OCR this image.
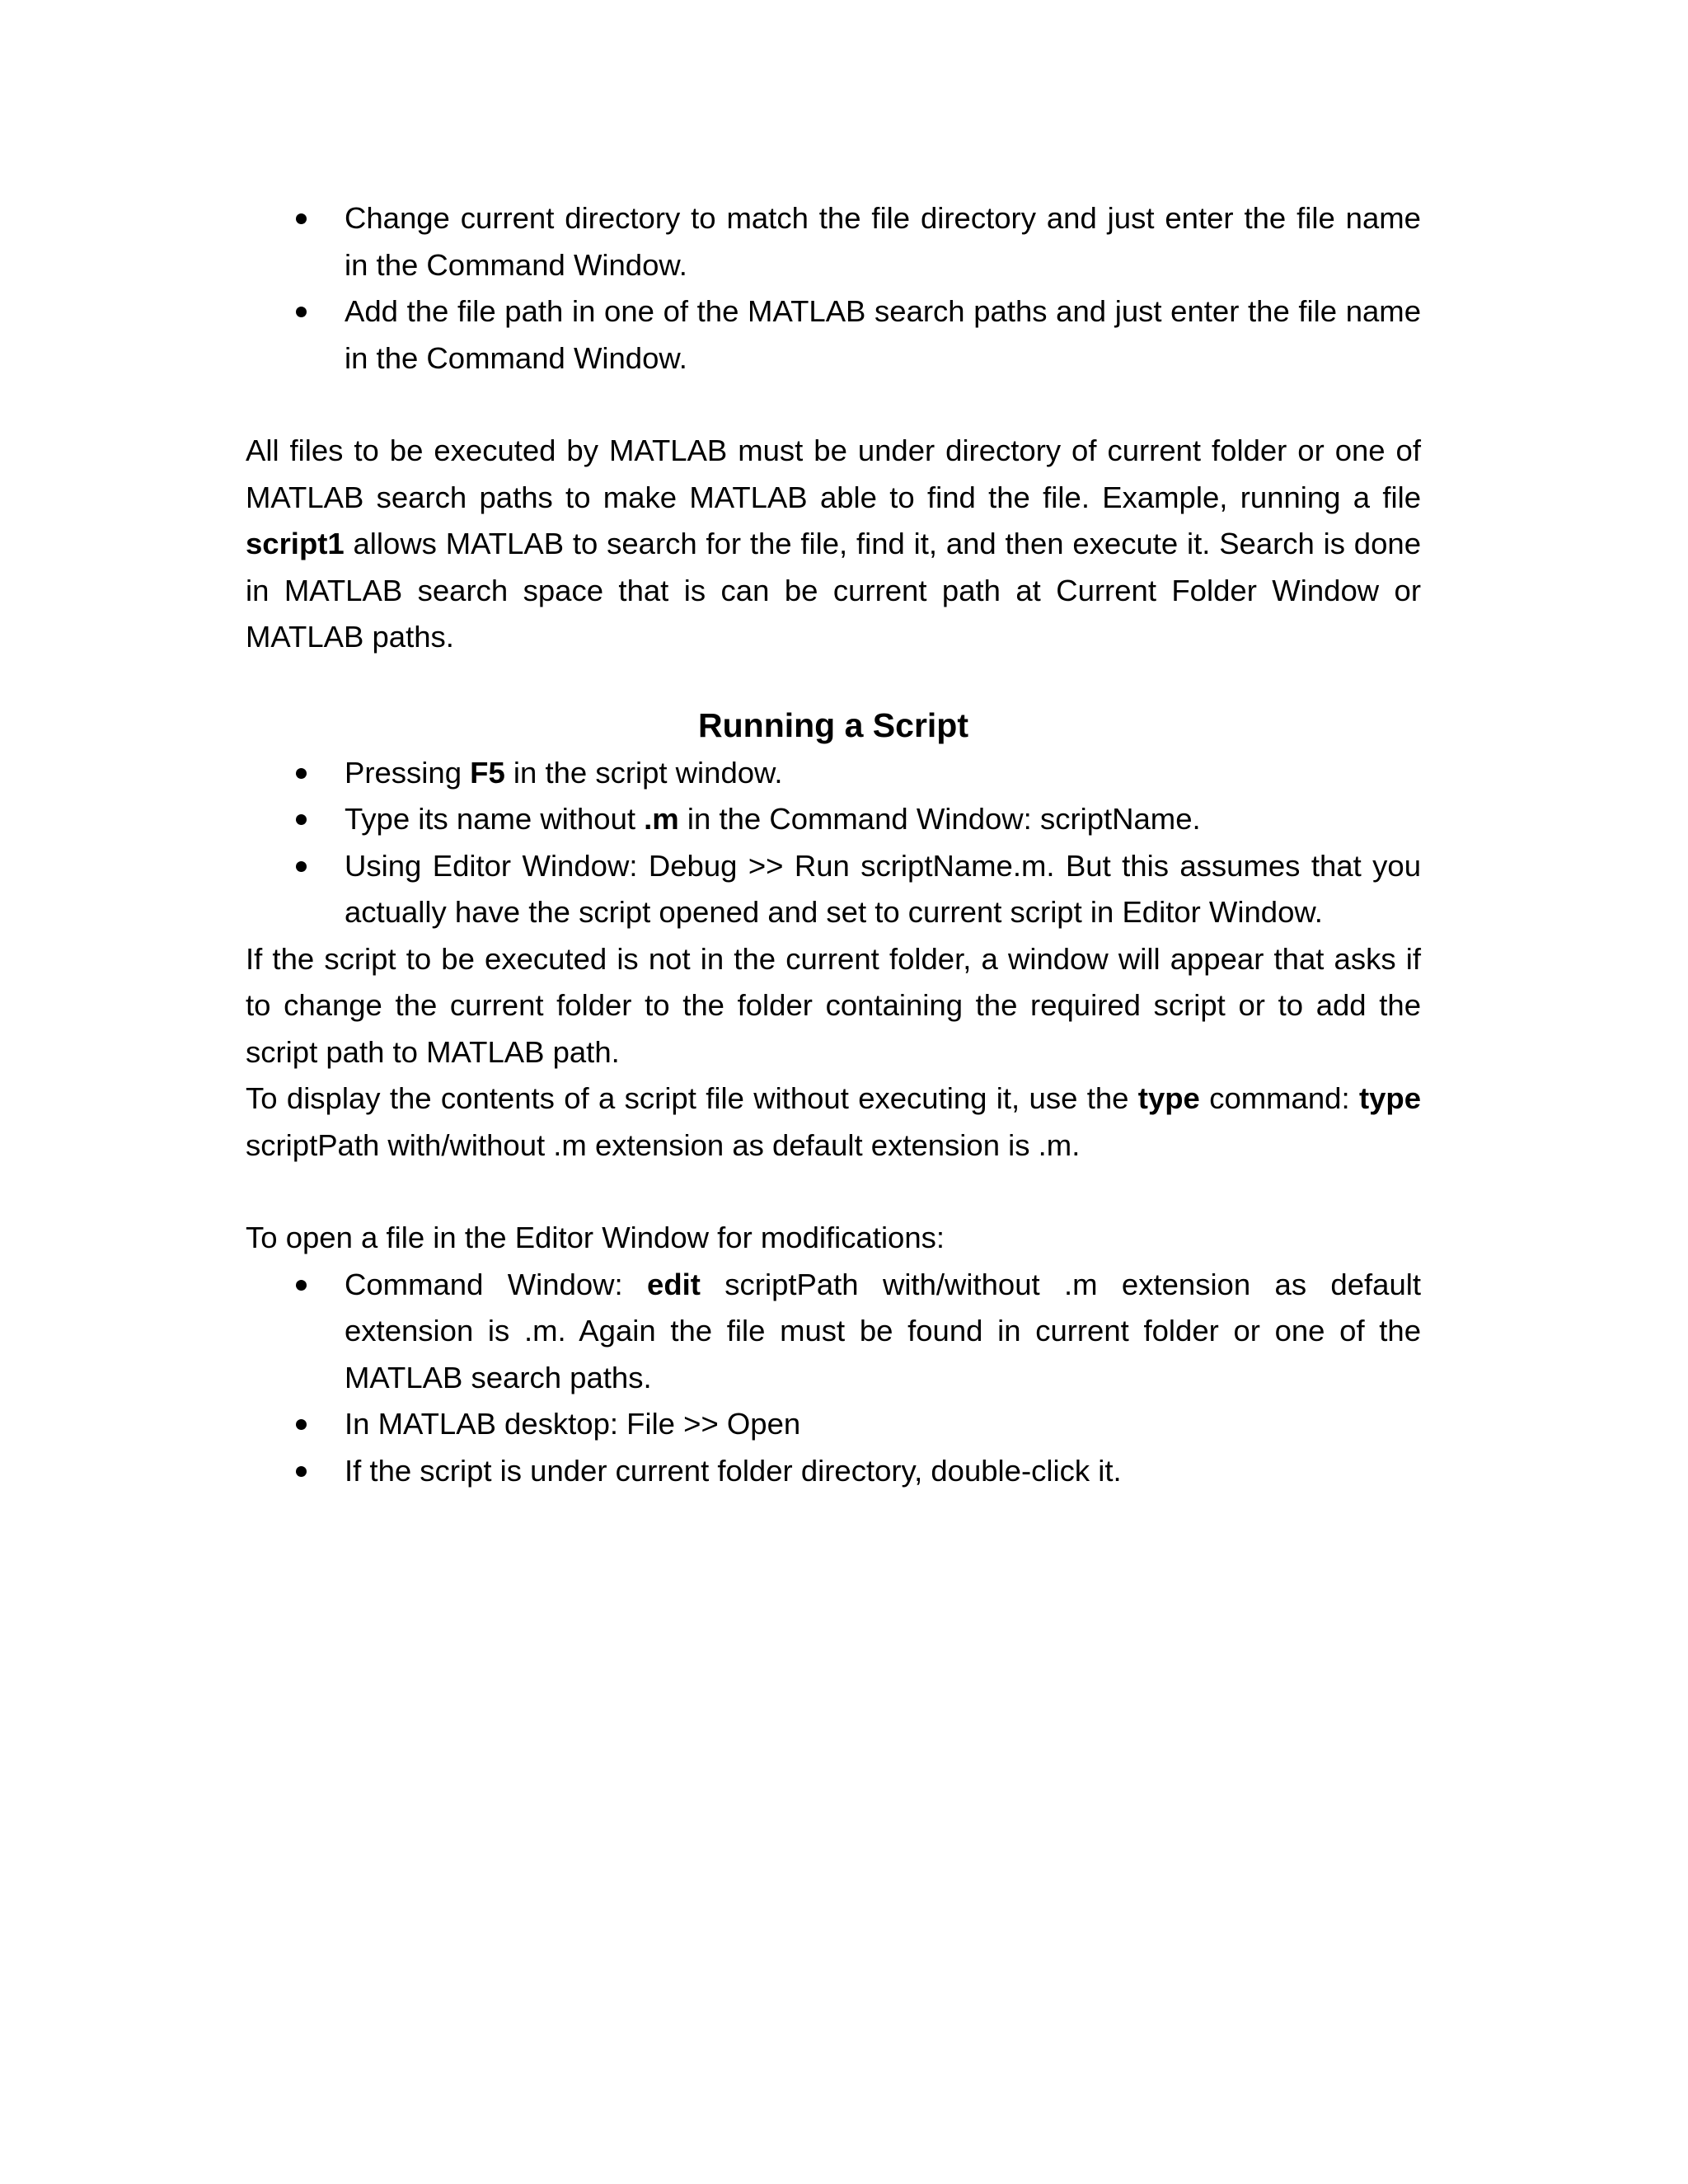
Change current directory to match the file directory and just enter the file name in the Command Window.
Add the file path in one of the MATLAB search paths and just enter the file name in the Command Window.

All files to be executed by MATLAB must be under directory of current folder or one of MATLAB search paths to make MATLAB able to find the file. Example, running a file script1 allows MATLAB to search for the file, find it, and then execute it. Search is done in MATLAB search space that is can be current path at Current Folder Window or MATLAB paths.

Running a Script
Pressing F5 in the script window.
Type its name without .m in the Command Window: scriptName.
Using Editor Window: Debug >> Run scriptName.m. But this assumes that you actually have the script opened and set to current script in Editor Window.

If the script to be executed is not in the current folder, a window will appear that asks if to change the current folder to the folder containing the required script or to add the script path to MATLAB path.

To display the contents of a script file without executing it, use the type command: type scriptPath with/without .m extension as default extension is .m.

To open a file in the Editor Window for modifications:

Command Window: edit scriptPath with/without .m extension as default extension is .m. Again the file must be found in current folder or one of the MATLAB search paths.
In MATLAB desktop: File >> Open
If the script is under current folder directory, double-click it.
